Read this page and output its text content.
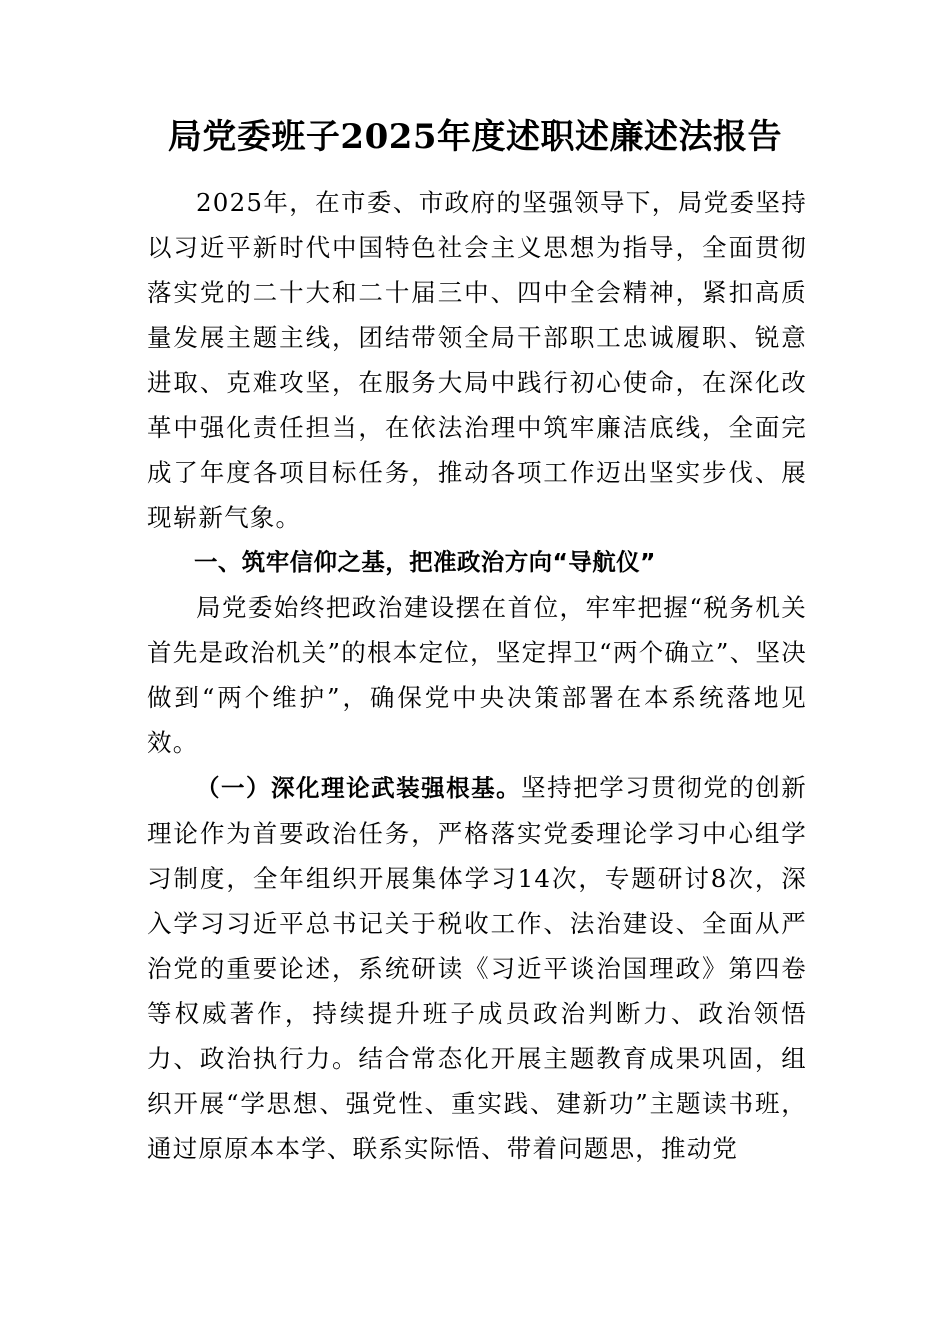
局党委班子2025年度述职述廉述法报告

2025年，在市委、市政府的坚强领导下，局党委坚持以习近平新时代中国特色社会主义思想为指导，全面贯彻落实党的二十大和二十届三中、四中全会精神，紧扣高质量发展主题主线，团结带领全局干部职工忠诚履职、锐意进取、克难攻坚，在服务大局中践行初心使命，在深化改革中强化责任担当，在依法治理中筑牢廉洁底线，全面完成了年度各项目标任务，推动各项工作迈出坚实步伐、展现崭新气象。

一、筑牢信仰之基，把准政治方向“导航仪”

局党委始终把政治建设摆在首位，牢牢把握“税务机关首先是政治机关”的根本定位，坚定捍卫“两个确立”、坚决做到“两个维护”，确保党中央决策部署在本系统落地见效。

（一）深化理论武装强根基。坚持把学习贯彻党的创新理论作为首要政治任务，严格落实党委理论学习中心组学习制度，全年组织开展集体学习14次，专题研讨8次，深入学习习近平总书记关于税收工作、法治建设、全面从严治党的重要论述，系统研读《习近平谈治国理政》第四卷等权威著作，持续提升班子成员政治判断力、政治领悟力、政治执行力。结合常态化开展主题教育成果巩固，组织开展“学思想、强党性、重实践、建新功”主题读书班，通过原原本本学、联系实际悟、带着问题思，推动党
